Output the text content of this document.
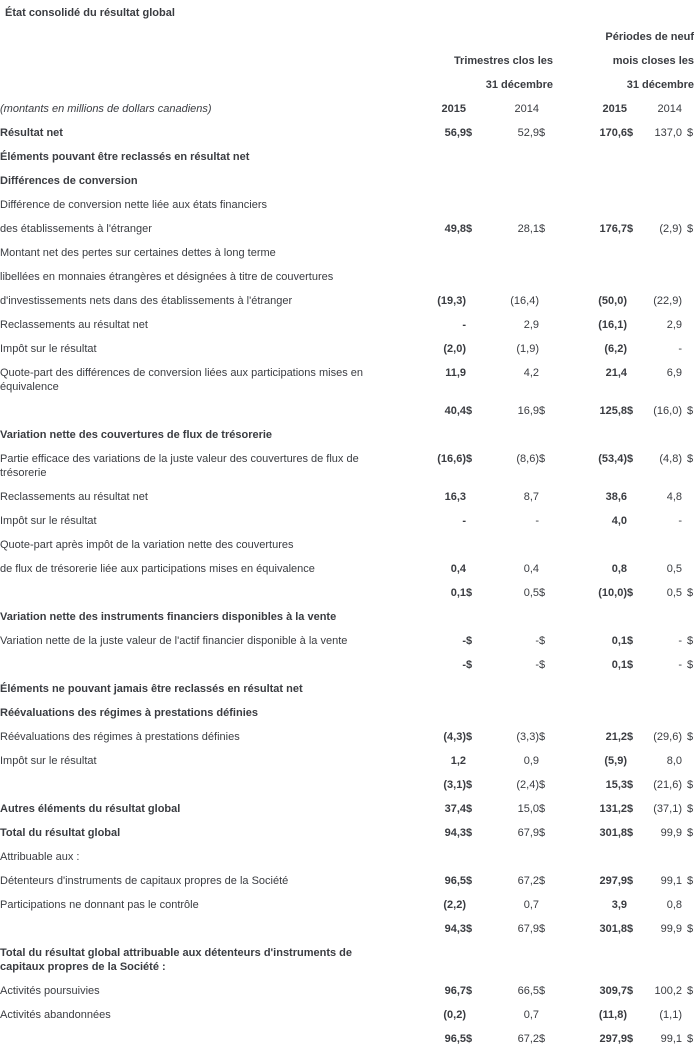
État consolidé du résultat global
	Périodes de neuf							
	Trimestres clos les				mois closes les			
	31 décembre				31 décembre			
(montants en millions de dollars canadiens)	2015		2014		2015		2014	

Résultat net	56,9	$	52,9	$	170,6	$	137,0	$

Éléments pouvant être reclassés en résultat net								

Différences de conversion								

Différence de conversion nette liée aux états financiers								

des établissements à l'étranger	49,8	$	28,1	$	176,7	$	(2,9)	$

Montant net des pertes sur certaines dettes à long terme								

libellées en monnaies étrangères et désignées à titre de couvertures								

d'investissements nets dans des établissements à l'étranger	(19,3)		(16,4)		(50,0)		(22,9)	

Reclassements au résultat net	-		2,9		(16,1)		2,9	

Impôt sur le résultat	(2,0)		(1,9)		(6,2)		-	

Quote-part des différences de conversion liées aux participations mises en
équivalence	11,9		4,2		21,4		6,9	

	40,4	$	16,9	$	125,8	$	(16,0)	$

Variation nette des couvertures de flux de trésorerie								

Partie efficace des variations de la juste valeur des couvertures de flux de
trésorerie	(16,6)	$	(8,6)	$	(53,4)	$	(4,8)	$

Reclassements au résultat net	16,3		8,7		38,6		4,8	

Impôt sur le résultat	-		-		4,0		-	

Quote-part après impôt de la variation nette des couvertures								

de flux de trésorerie liée aux participations mises en équivalence	0,4		0,4		0,8		0,5	

	0,1	$	0,5	$	(10,0)	$	0,5	$

Variation nette des instruments financiers disponibles à la vente								

Variation nette de la juste valeur de l'actif financier disponible à la vente	-	$	-	$	0,1	$	-	$

	-	$	-	$	0,1	$	-	$

Éléments ne pouvant jamais être reclassés en résultat net								

Réévaluations des régimes à prestations définies								

Réévaluations des régimes à prestations définies	(4,3)	$	(3,3)	$	21,2	$	(29,6)	$

Impôt sur le résultat	1,2		0,9		(5,9)		8,0	

	(3,1)	$	(2,4)	$	15,3	$	(21,6)	$

Autres éléments du résultat global	37,4	$	15,0	$	131,2	$	(37,1)	$

Total du résultat global	94,3	$	67,9	$	301,8	$	99,9	$

Attribuable aux :								

Détenteurs d'instruments de capitaux propres de la Société	96,5	$	67,2	$	297,9	$	99,1	$

Participations ne donnant pas le contrôle	(2,2)		0,7		3,9		0,8	

	94,3	$	67,9	$	301,8	$	99,9	$

Total du résultat global attribuable aux détenteurs d'instruments de
capitaux propres de la Société :								

Activités poursuivies	96,7	$	66,5	$	309,7	$	100,2	$

Activités abandonnées	(0,2)		0,7		(11,8)		(1,1)	

	96,5	$	67,2	$	297,9	$	99,1	$
